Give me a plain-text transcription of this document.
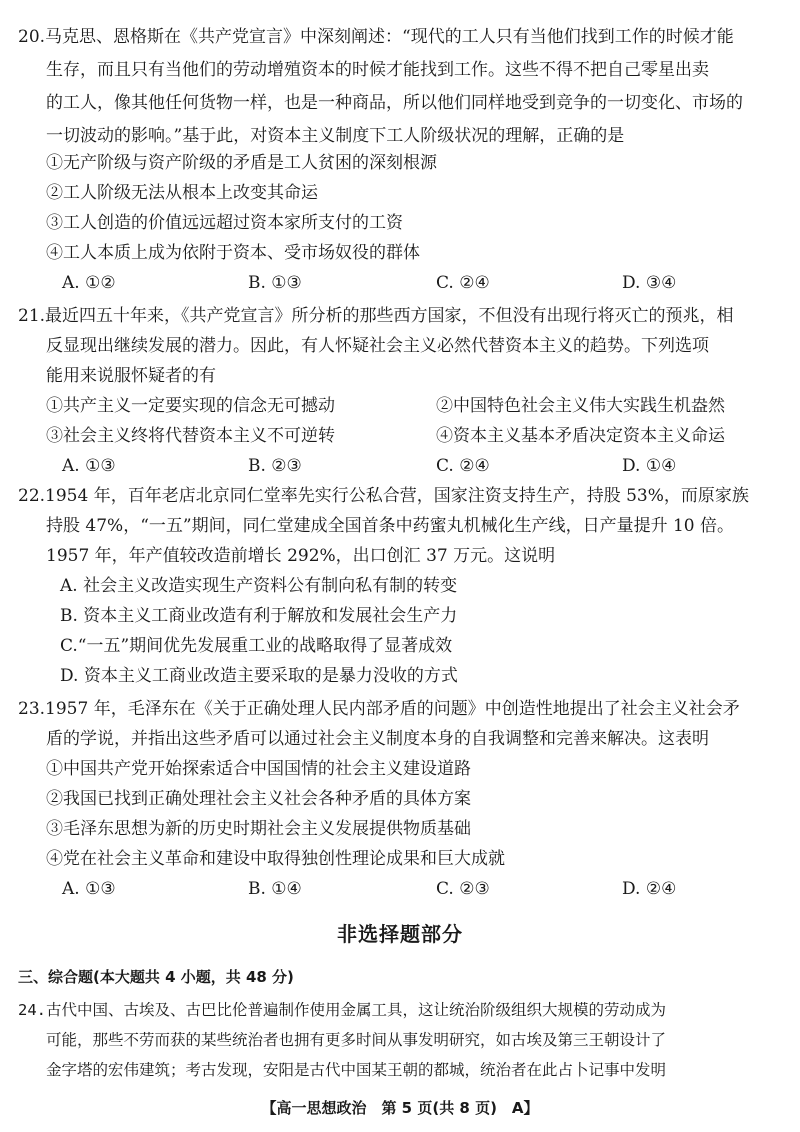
20.马克思、恩格斯在《共产党宣言》中深刻阐述：“现代的工人只有当他们找到工作的时候才能
生存，而且只有当他们的劳动增殖资本的时候才能找到工作。这些不得不把自己零星出卖
的工人，像其他任何货物一样，也是一种商品，所以他们同样地受到竞争的一切变化、市场的
一切波动的影响。”基于此，对资本主义制度下工人阶级状况的理解，正确的是
①无产阶级与资产阶级的矛盾是工人贫困的深刻根源
②工人阶级无法从根本上改变其命运
③工人创造的价值远远超过资本家所支付的工资
④工人本质上成为依附于资本、受市场奴役的群体
A. ①②	B. ①③	C. ②④	D. ③④
21.最近四五十年来，《共产党宣言》所分析的那些西方国家，不但没有出现行将灭亡的预兆，相
反显现出继续发展的潜力。因此，有人怀疑社会主义必然代替资本主义的趋势。下列选项
能用来说服怀疑者的有
①共产主义一定要实现的信念无可撼动	②中国特色社会主义伟大实践生机盎然
③社会主义终将代替资本主义不可逆转	④资本主义基本矛盾决定资本主义命运
A. ①③	B. ②③	C. ②④	D. ①④
22.1954 年，百年老店北京同仁堂率先实行公私合营，国家注资支持生产，持股 53%，而原家族
持股 47%，“一五”期间，同仁堂建成全国首条中药蜜丸机械化生产线，日产量提升 10 倍。
1957 年，年产值较改造前增长 292%，出口创汇 37 万元。这说明
A. 社会主义改造实现生产资料公有制向私有制的转变
B. 资本主义工商业改造有利于解放和发展社会生产力
C.“一五”期间优先发展重工业的战略取得了显著成效
D. 资本主义工商业改造主要采取的是暴力没收的方式
23.1957 年，毛泽东在《关于正确处理人民内部矛盾的问题》中创造性地提出了社会主义社会矛
盾的学说，并指出这些矛盾可以通过社会主义制度本身的自我调整和完善来解决。这表明
①中国共产党开始探索适合中国国情的社会主义建设道路
②我国已找到正确处理社会主义社会各种矛盾的具体方案
③毛泽东思想为新的历史时期社会主义发展提供物质基础
④党在社会主义革命和建设中取得独创性理论成果和巨大成就
A. ①③	B. ①④	C. ②③	D. ②④
非选择题部分
三、综合题(本大题共 4 小题，共 48 分)
24.古代中国、古埃及、古巴比伦普遍制作使用金属工具，这让统治阶级组织大规模的劳动成为
可能，那些不劳而获的某些统治者也拥有更多时间从事发明研究，如古埃及第三王朝设计了
金字塔的宏伟建筑；考古发现，安阳是古代中国某王朝的都城，统治者在此占卜记事中发明
【高一思想政治　第 5 页(共 8 页)　A】
